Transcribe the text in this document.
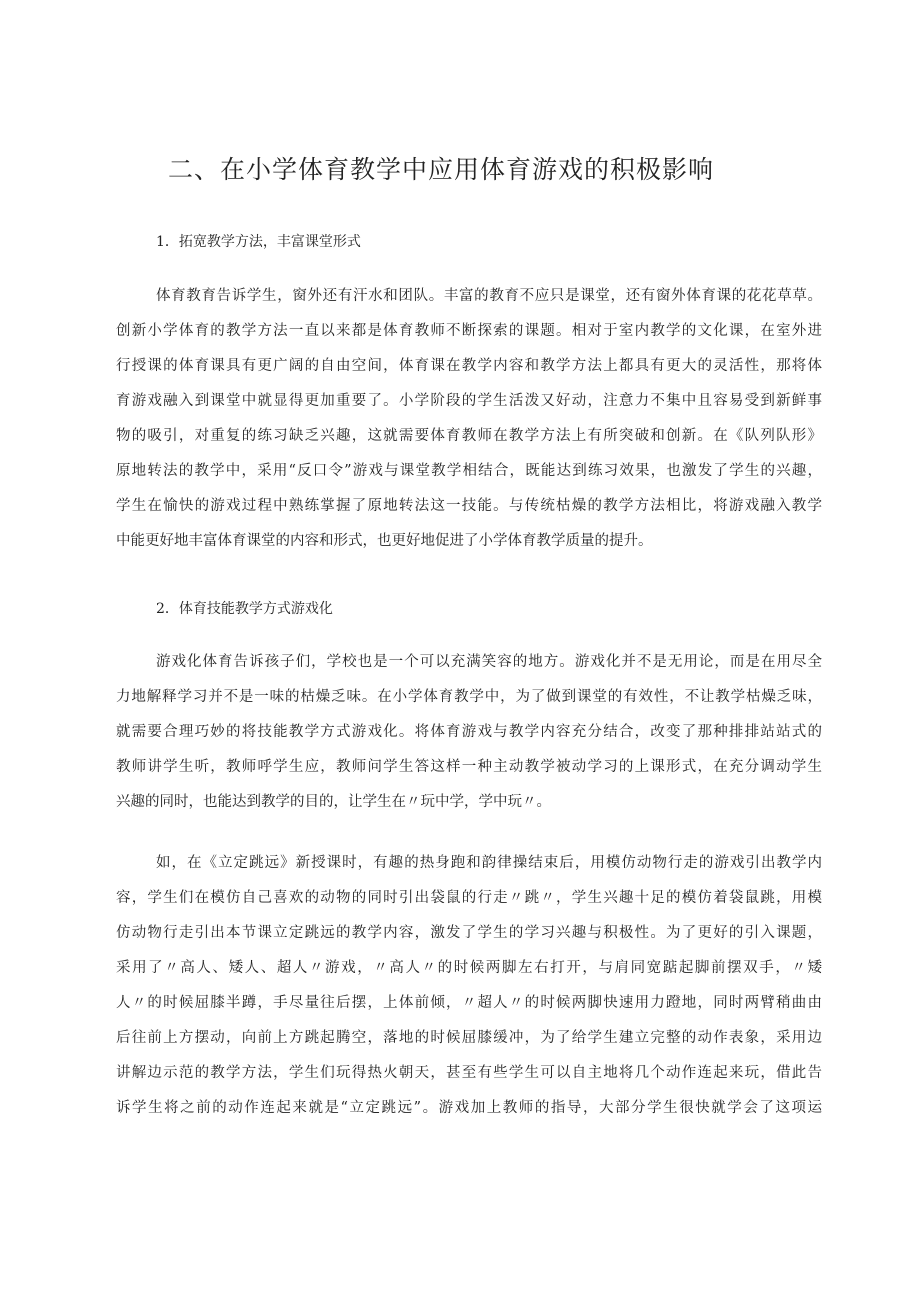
二、在小学体育教学中应用体育游戏的积极影响
1．拓宽教学方法，丰富课堂形式
体育教育告诉学生，窗外还有汗水和团队。丰富的教育不应只是课堂，还有窗外体育课的花花草草。
创新小学体育的教学方法一直以来都是体育教师不断探索的课题。相对于室内教学的文化课，在室外进
行授课的体育课具有更广阔的自由空间，体育课在教学内容和教学方法上都具有更大的灵活性，那将体
育游戏融入到课堂中就显得更加重要了。小学阶段的学生活泼又好动，注意力不集中且容易受到新鲜事
物的吸引，对重复的练习缺乏兴趣，这就需要体育教师在教学方法上有所突破和创新。在《队列队形》
原地转法的教学中，采用“反口令”游戏与课堂教学相结合，既能达到练习效果，也激发了学生的兴趣，
学生在愉快的游戏过程中熟练掌握了原地转法这一技能。与传统枯燥的教学方法相比，将游戏融入教学
中能更好地丰富体育课堂的内容和形式，也更好地促进了小学体育教学质量的提升。
2．体育技能教学方式游戏化
游戏化体育告诉孩子们，学校也是一个可以充满笑容的地方。游戏化并不是无用论，而是在用尽全
力地解释学习并不是一味的枯燥乏味。在小学体育教学中，为了做到课堂的有效性，不让教学枯燥乏味，
就需要合理巧妙的将技能教学方式游戏化。将体育游戏与教学内容充分结合，改变了那种排排站站式的
教师讲学生听，教师呼学生应，教师问学生答这样一种主动教学被动学习的上课形式，在充分调动学生
兴趣的同时，也能达到教学的目的，让学生在〃玩中学，学中玩〃。
如，在《立定跳远》新授课时，有趣的热身跑和韵律操结束后，用模仿动物行走的游戏引出教学内
容，学生们在模仿自己喜欢的动物的同时引出袋鼠的行走〃跳〃，学生兴趣十足的模仿着袋鼠跳，用模
仿动物行走引出本节课立定跳远的教学内容，激发了学生的学习兴趣与积极性。为了更好的引入课题，
采用了〃高人、矮人、超人〃游戏，〃高人〃的时候两脚左右打开，与肩同宽踮起脚前摆双手，〃矮
人〃的时候屈膝半蹲，手尽量往后摆，上体前倾，〃超人〃的时候两脚快速用力蹬地，同时两臂稍曲由
后往前上方摆动，向前上方跳起腾空，落地的时候屈膝缓冲，为了给学生建立完整的动作表象，采用边
讲解边示范的教学方法，学生们玩得热火朝天，甚至有些学生可以自主地将几个动作连起来玩，借此告
诉学生将之前的动作连起来就是“立定跳远”。游戏加上教师的指导，大部分学生很快就学会了这项运
